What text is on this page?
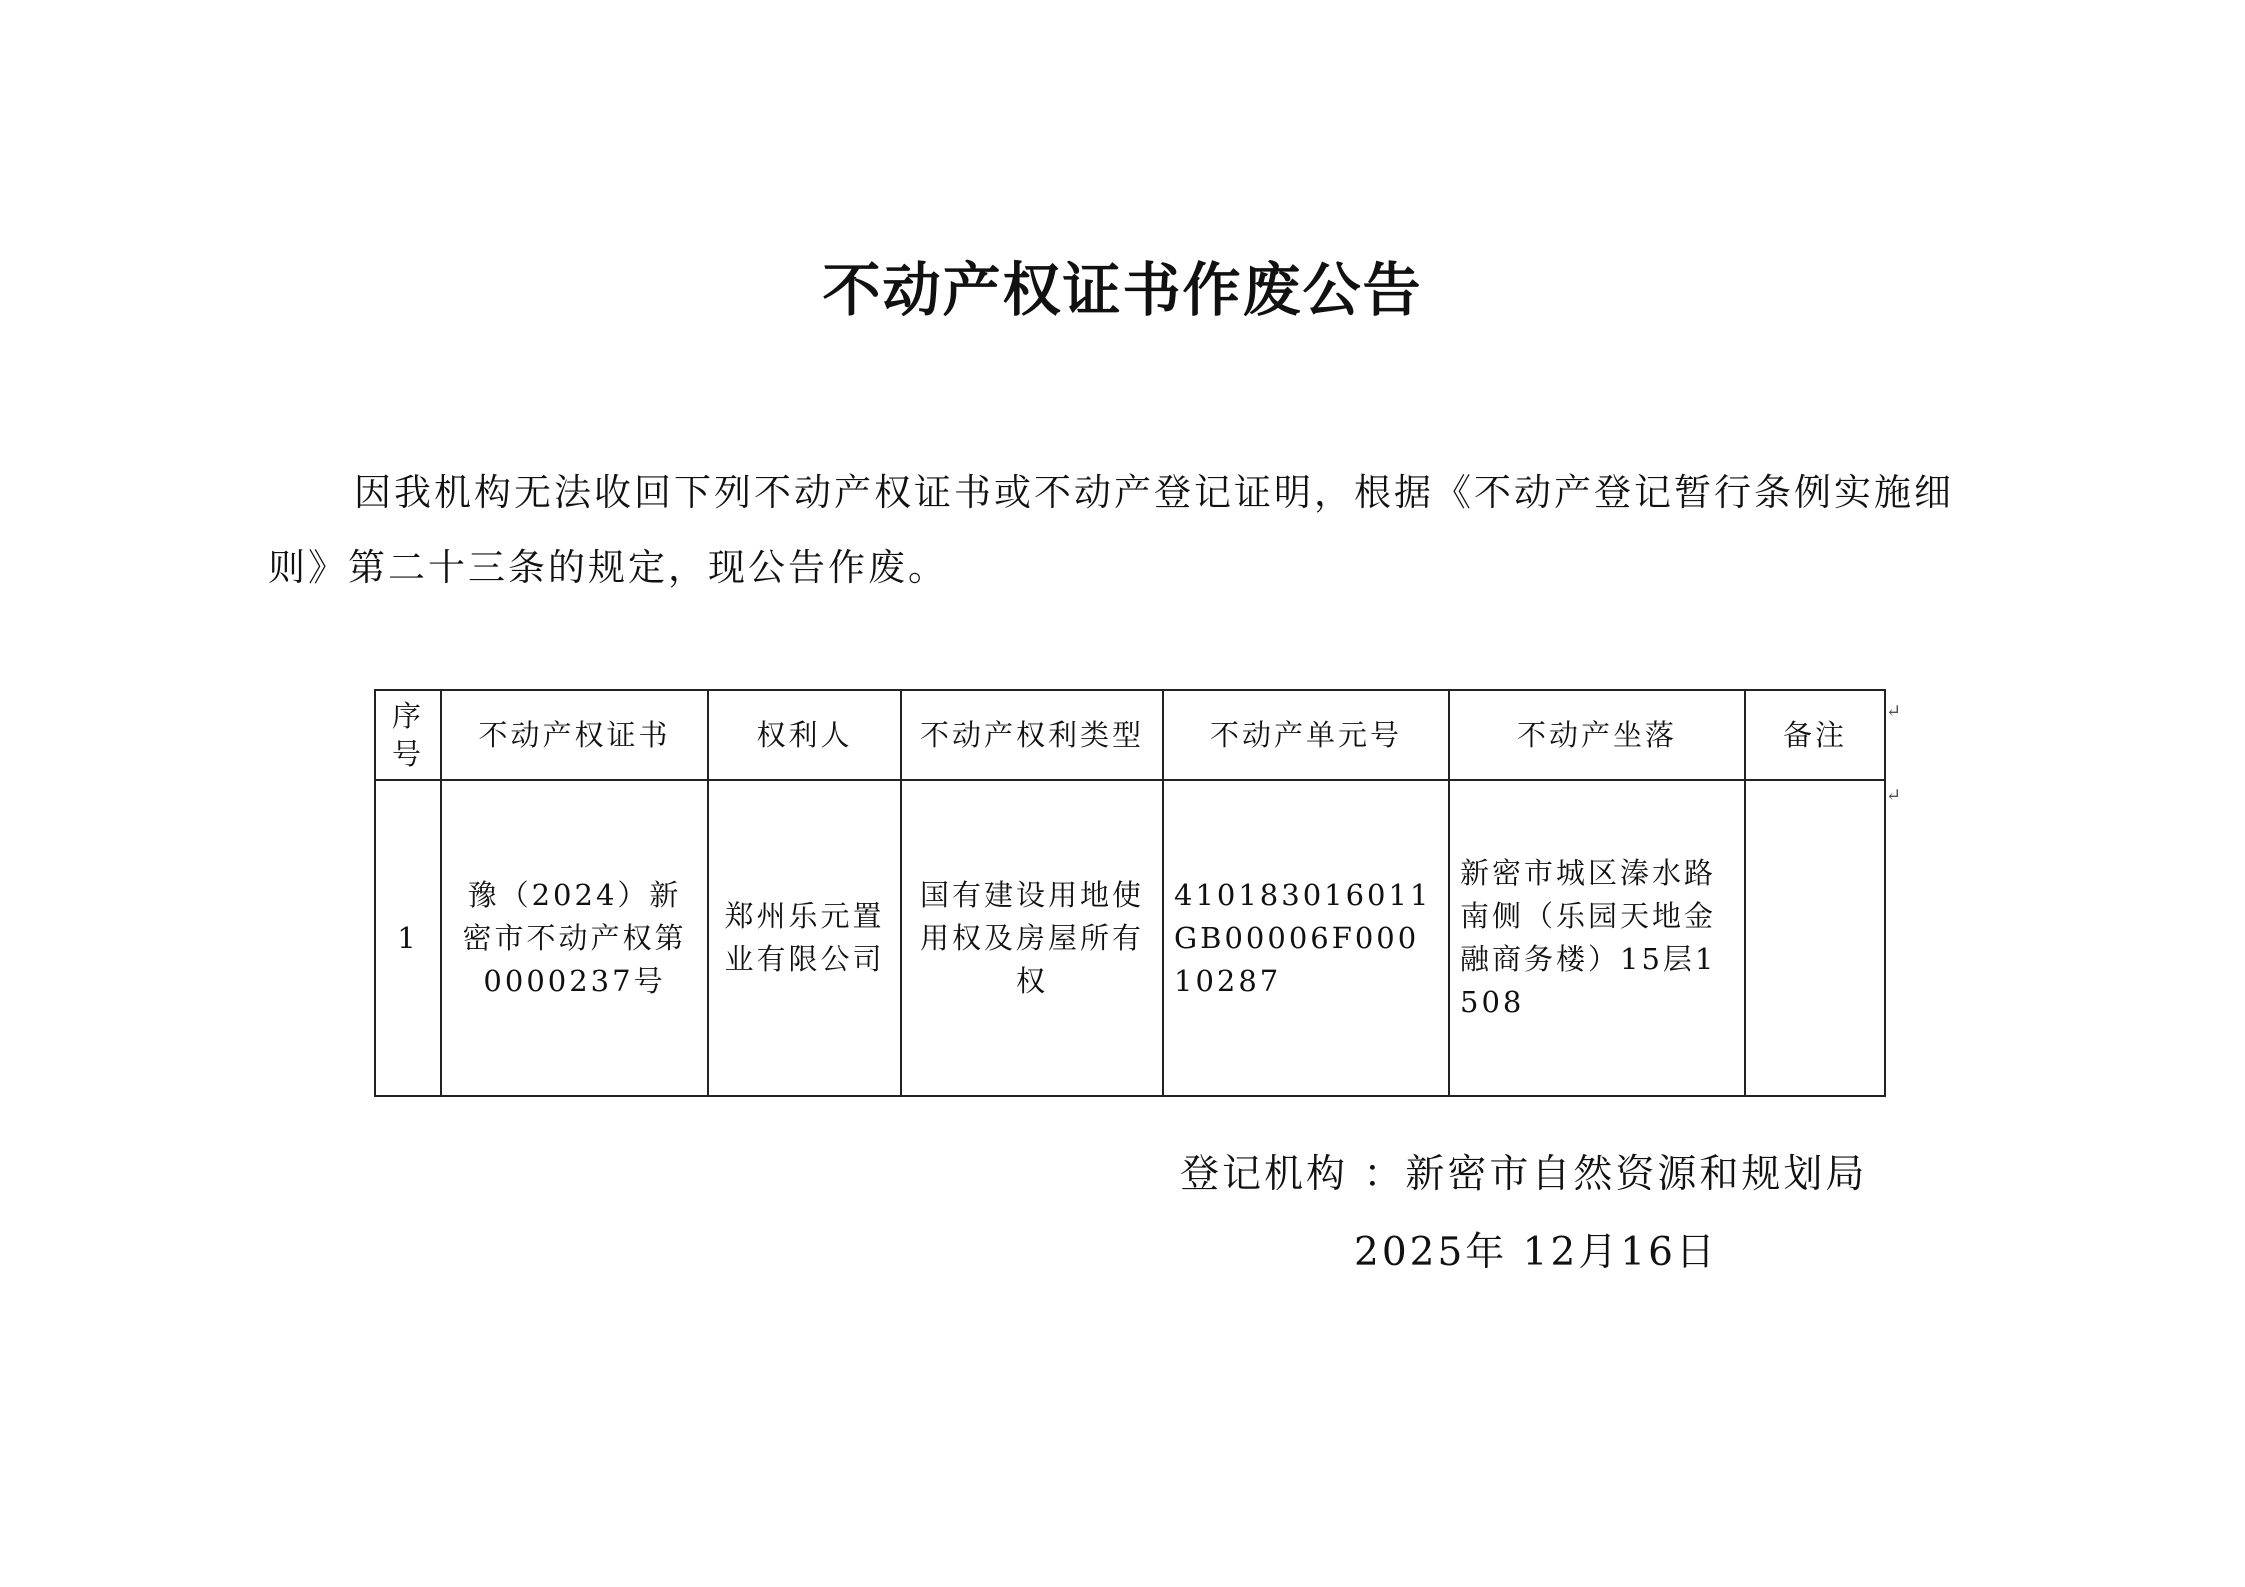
不动产权证书作废公告
因我机构无法收回下列不动产权证书或不动产登记证明，根据《不动产登记暂行条例实施细则》第二十三条的规定，现公告作废。
序号	不动产权证书	权利人	不动产权利类型	不动产单元号	不动产坐落	备注
1	豫（2024）新密市不动产权第0000237号	郑州乐元置业有限公司	国有建设用地使用权及房屋所有权	410183016011GB00006F00010287	新密市城区溱水路南侧（乐园天地金融商务楼）15层1508	
↵
↵
登记机构 ：新密市自然资源和规划局
2025年 12月16日
